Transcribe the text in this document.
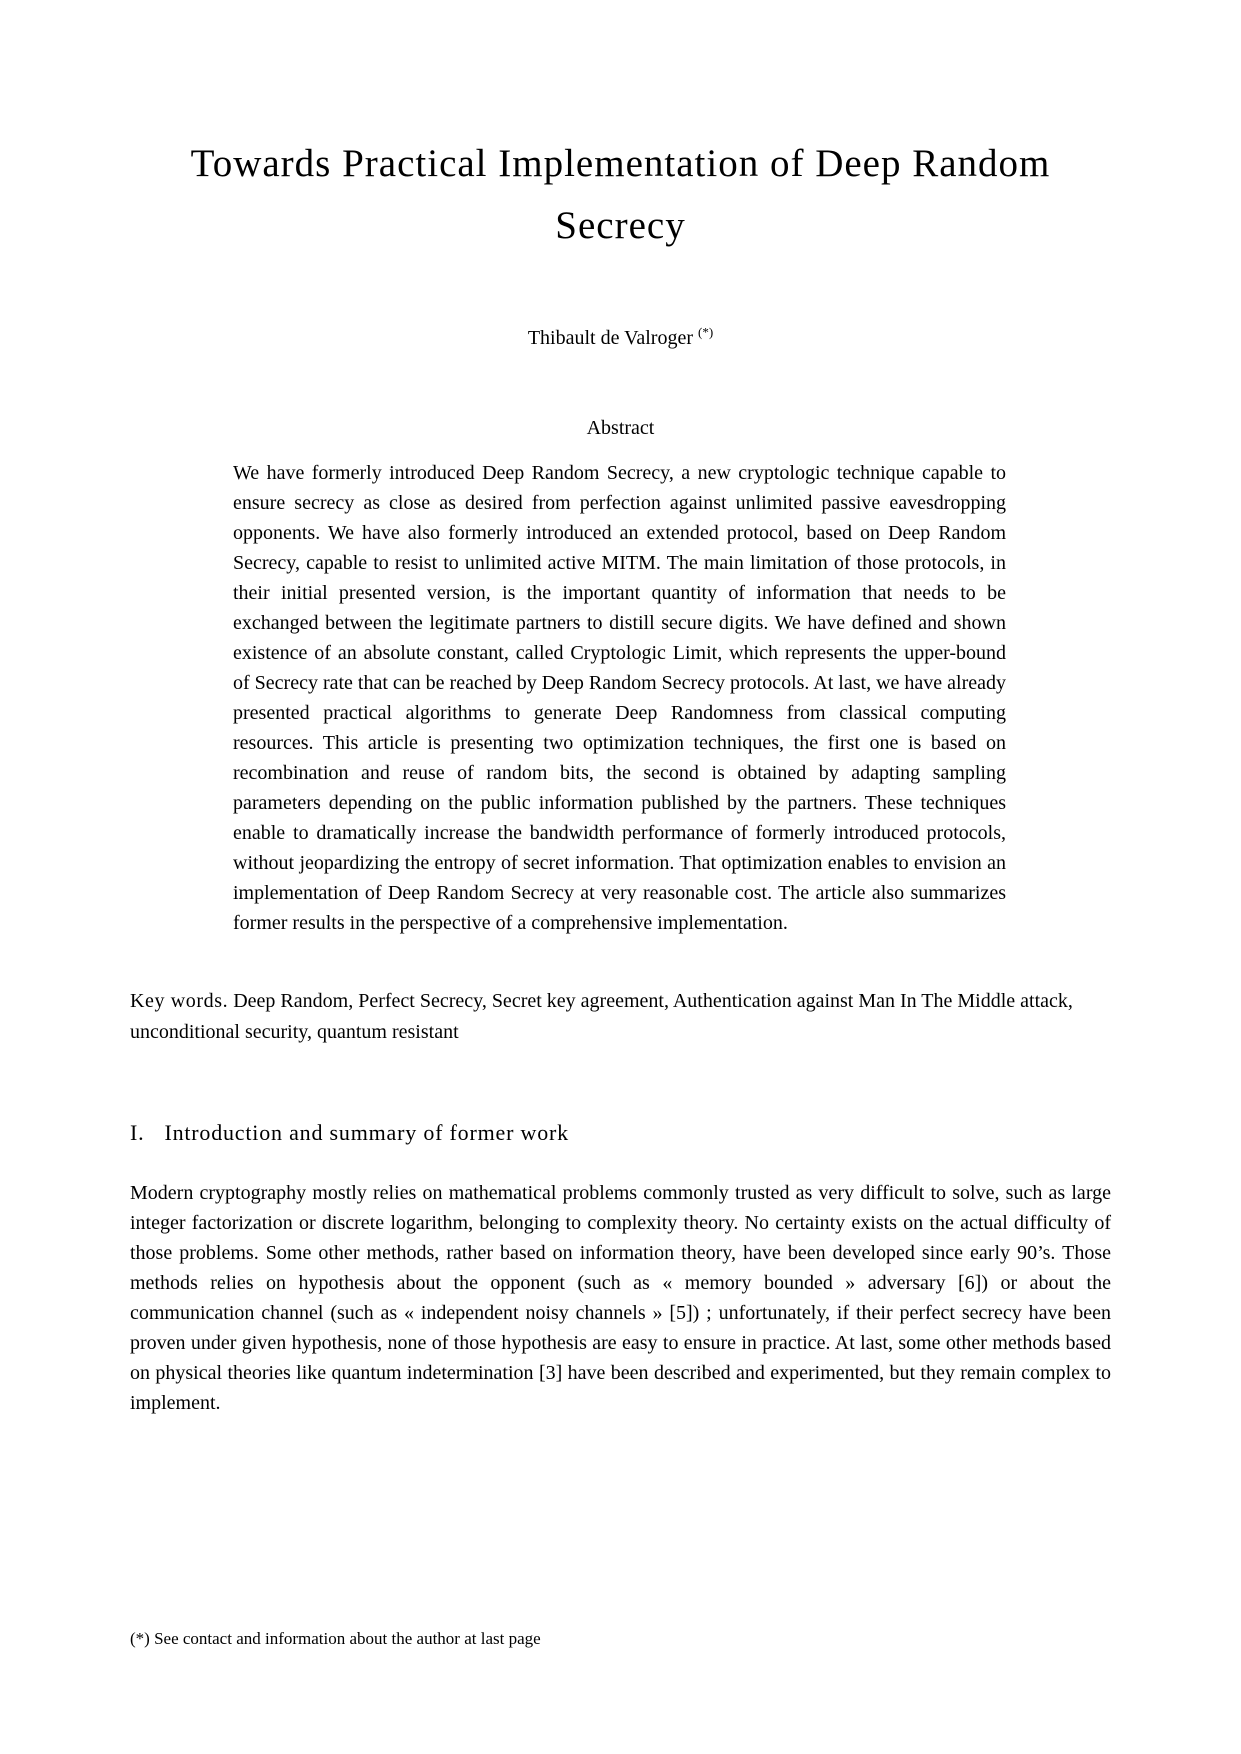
Towards Practical Implementation of Deep Random
Secrecy
Thibault de Valroger (*)
Abstract

We have formerly introduced Deep Random Secrecy, a new cryptologic technique capable to ensure secrecy as close as desired from perfection against unlimited passive eavesdropping opponents. We have also formerly introduced an extended protocol, based on Deep Random Secrecy, capable to resist to unlimited active MITM. The main limitation of those protocols, in their initial presented version, is the important quantity of information that needs to be exchanged between the legitimate partners to distill secure digits. We have defined and shown existence of an absolute constant, called Cryptologic Limit, which represents the upper-bound of Secrecy rate that can be reached by Deep Random Secrecy protocols. At last, we have already presented practical algorithms to generate Deep Randomness from classical computing resources. This article is presenting two optimization techniques, the first one is based on recombination and reuse of random bits, the second is obtained by adapting sampling parameters depending on the public information published by the partners. These techniques enable to dramatically increase the bandwidth performance of formerly introduced protocols, without jeopardizing the entropy of secret information. That optimization enables to envision an implementation of Deep Random Secrecy at very reasonable cost. The article also summarizes former results in the perspective of a comprehensive implementation.

Key words. Deep Random, Perfect Secrecy, Secret key agreement, Authentication against Man In The Middle attack, unconditional security, quantum resistant

I. Introduction and summary of former work

Modern cryptography mostly relies on mathematical problems commonly trusted as very difficult to solve, such as large integer factorization or discrete logarithm, belonging to complexity theory. No certainty exists on the actual difficulty of those problems. Some other methods, rather based on information theory, have been developed since early 90’s. Those methods relies on hypothesis about the opponent (such as « memory bounded » adversary [6]) or about the communication channel (such as « independent noisy channels » [5]) ; unfortunately, if their perfect secrecy have been proven under given hypothesis, none of those hypothesis are easy to ensure in practice. At last, some other methods based on physical theories like quantum indetermination [3] have been described and experimented, but they remain complex to implement.

(*) See contact and information about the author at last page
